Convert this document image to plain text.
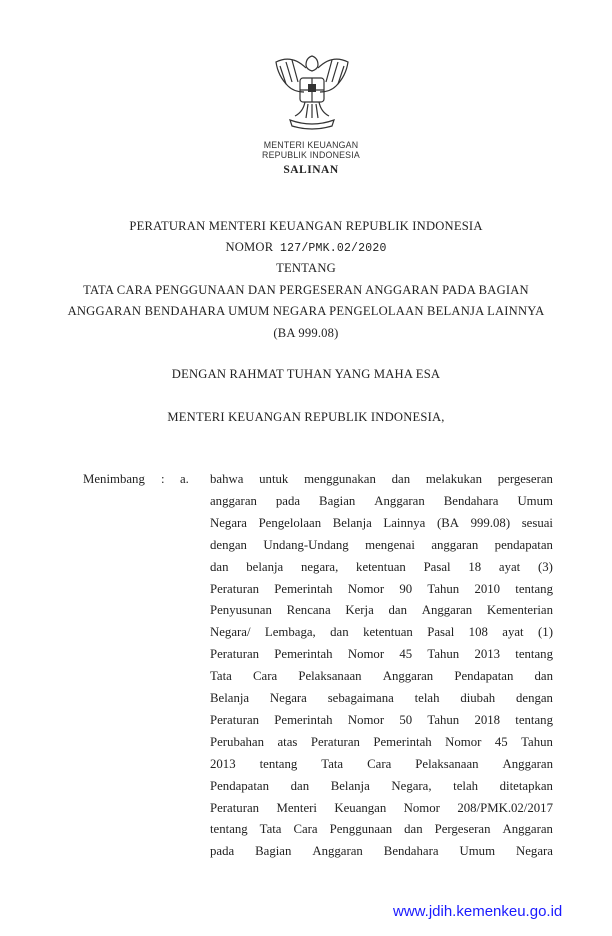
MENTERI KEUANGAN
REPUBLIK INDONESIA
SALINAN
PERATURAN MENTERI KEUANGAN REPUBLIK INDONESIA
NOMOR 127/PMK.02/2020
TENTANG
TATA CARA PENGGUNAAN DAN PERGESERAN ANGGARAN PADA BAGIAN
ANGGARAN BENDAHARA UMUM NEGARA PENGELOLAAN BELANJA LAINNYA
(BA 999.08)
DENGAN RAHMAT TUHAN YANG MAHA ESA
MENTERI KEUANGAN REPUBLIK INDONESIA,
Menimbang : a. bahwa untuk menggunakan dan melakukan pergeseran
anggaran pada Bagian Anggaran Bendahara Umum
Negara Pengelolaan Belanja Lainnya (BA 999.08) sesuai
dengan Undang-Undang mengenai anggaran pendapatan
dan belanja negara, ketentuan Pasal 18 ayat (3)
Peraturan Pemerintah Nomor 90 Tahun 2010 tentang
Penyusunan Rencana Kerja dan Anggaran Kementerian
Negara/ Lembaga, dan ketentuan Pasal 108 ayat (1)
Peraturan Pemerintah Nomor 45 Tahun 2013 tentang
Tata Cara Pelaksanaan Anggaran Pendapatan dan
Belanja Negara sebagaimana telah diubah dengan
Peraturan Pemerintah Nomor 50 Tahun 2018 tentang
Perubahan atas Peraturan Pemerintah Nomor 45 Tahun
2013 tentang Tata Cara Pelaksanaan Anggaran
Pendapatan dan Belanja Negara, telah ditetapkan
Peraturan Menteri Keuangan Nomor 208/PMK.02/2017
tentang Tata Cara Penggunaan dan Pergeseran Anggaran
pada Bagian Anggaran Bendahara Umum Negara
www.jdih.kemenkeu.go.id
